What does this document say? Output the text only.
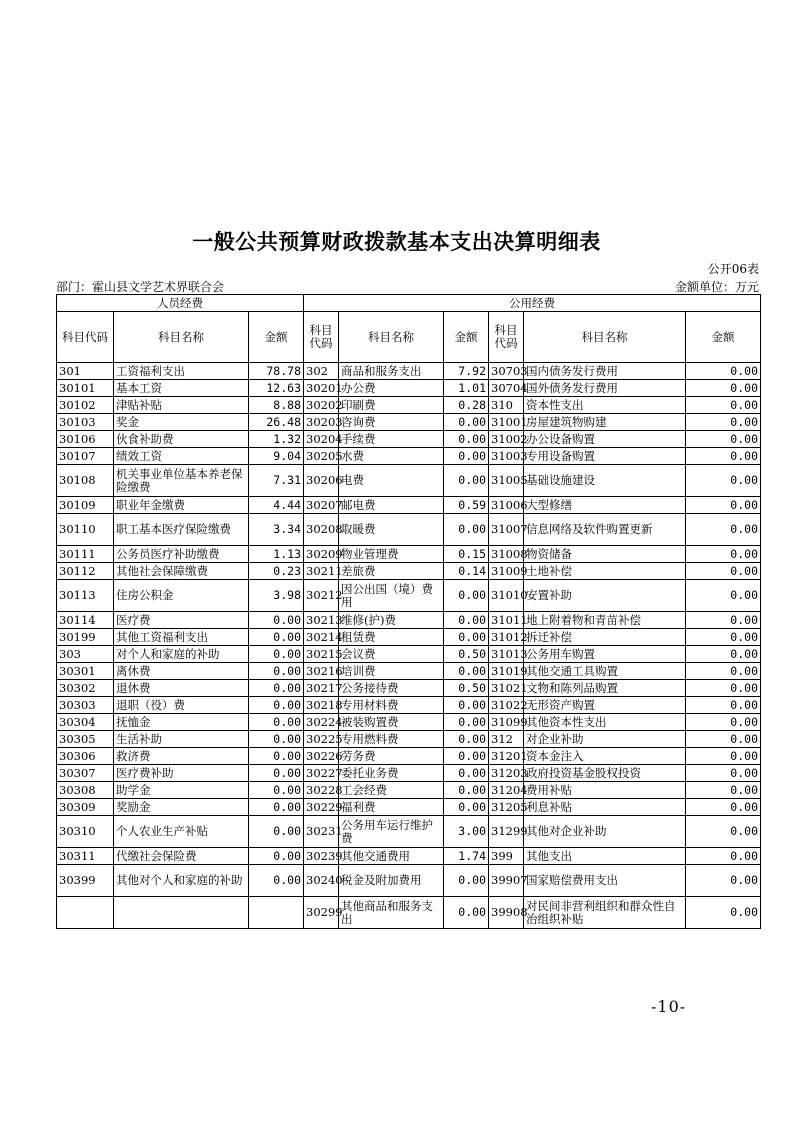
一般公共预算财政拨款基本支出决算明细表
公开06表
部门：霍山县文学艺术界联合会	金额单位：万元
人员经费			公用经费					
科目代码	科目名称	金额	科目代码	科目名称	金额	科目代码	科目名称	金额
301	工资福利支出	78.78	302	商品和服务支出	7.92	30703	国内债务发行费用	0.00
30101	基本工资	12.63	30201	办公费	1.01	30704	国外债务发行费用	0.00
30102	津贴补贴	8.88	30202	印刷费	0.28	310	资本性支出	0.00
30103	奖金	26.48	30203	咨询费	0.00	31001	房屋建筑物购建	0.00
30106	伙食补助费	1.32	30204	手续费	0.00	31002	办公设备购置	0.00
30107	绩效工资	9.04	30205	水费	0.00	31003	专用设备购置	0.00
30108	机关事业单位基本养老保险缴费	7.31	30206	电费	0.00	31005	基础设施建设	0.00
30109	职业年金缴费	4.44	30207	邮电费	0.59	31006	大型修缮	0.00
30110	职工基本医疗保险缴费	3.34	30208	取暖费	0.00	31007	信息网络及软件购置更新	0.00
30111	公务员医疗补助缴费	1.13	30209	物业管理费	0.15	31008	物资储备	0.00
30112	其他社会保障缴费	0.23	30211	差旅费	0.14	31009	土地补偿	0.00
30113	住房公积金	3.98	30212	因公出国（境）费用	0.00	31010	安置补助	0.00
30114	医疗费	0.00	30213	维修(护)费	0.00	31011	地上附着物和青苗补偿	0.00
30199	其他工资福利支出	0.00	30214	租赁费	0.00	31012	拆迁补偿	0.00
303	对个人和家庭的补助	0.00	30215	会议费	0.50	31013	公务用车购置	0.00
30301	离休费	0.00	30216	培训费	0.00	31019	其他交通工具购置	0.00
30302	退休费	0.00	30217	公务接待费	0.50	31021	文物和陈列品购置	0.00
30303	退职（役）费	0.00	30218	专用材料费	0.00	31022	无形资产购置	0.00
30304	抚恤金	0.00	30224	被装购置费	0.00	31099	其他资本性支出	0.00
30305	生活补助	0.00	30225	专用燃料费	0.00	312	对企业补助	0.00
30306	救济费	0.00	30226	劳务费	0.00	31201	资本金注入	0.00
30307	医疗费补助	0.00	30227	委托业务费	0.00	31203	政府投资基金股权投资	0.00
30308	助学金	0.00	30228	工会经费	0.00	31204	费用补贴	0.00
30309	奖励金	0.00	30229	福利费	0.00	31205	利息补贴	0.00
30310	个人农业生产补贴	0.00	30231	公务用车运行维护费	3.00	31299	其他对企业补助	0.00
30311	代缴社会保险费	0.00	30239	其他交通费用	1.74	399	其他支出	0.00
30399	其他对个人和家庭的补助	0.00	30240	税金及附加费用	0.00	39907	国家赔偿费用支出	0.00
			30299	其他商品和服务支出	0.00	39908	对民间非营利组织和群众性自治组织补贴	0.00
-10-
